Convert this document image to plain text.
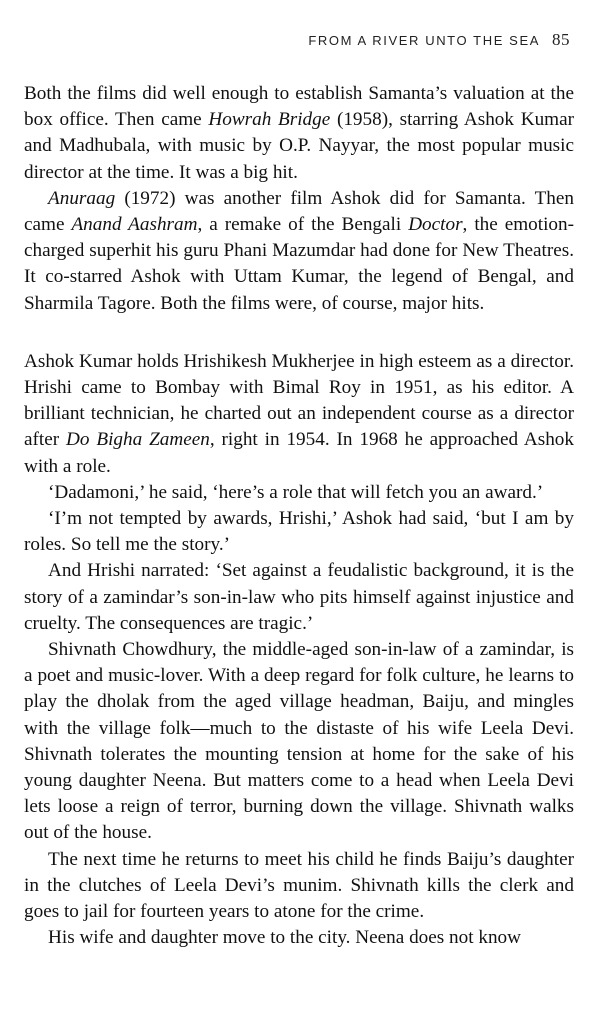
FROM A RIVER UNTO THE SEA 85

Both the films did well enough to establish Samanta’s valuation at the box office. Then came Howrah Bridge (1958), starring Ashok Kumar and Madhubala, with music by O.P. Nayyar, the most popular music director at the time. It was a big hit.

Anuraag (1972) was another film Ashok did for Samanta. Then came Anand Aashram, a remake of the Bengali Doctor, the emotion-charged superhit his guru Phani Mazumdar had done for New Theatres. It co-starred Ashok with Uttam Kumar, the legend of Bengal, and Sharmila Tagore. Both the films were, of course, major hits.

Ashok Kumar holds Hrishikesh Mukherjee in high esteem as a director. Hrishi came to Bombay with Bimal Roy in 1951, as his editor. A brilliant technician, he charted out an independent course as a director after Do Bigha Zameen, right in 1954. In 1968 he approached Ashok with a role.

‘Dadamoni,’ he said, ‘here’s a role that will fetch you an award.’

‘I’m not tempted by awards, Hrishi,’ Ashok had said, ‘but I am by roles. So tell me the story.’

And Hrishi narrated: ‘Set against a feudalistic background, it is the story of a zamindar’s son-in-law who pits himself against injustice and cruelty. The consequences are tragic.’

Shivnath Chowdhury, the middle-aged son-in-law of a zamindar, is a poet and music-lover. With a deep regard for folk culture, he learns to play the dholak from the aged village headman, Baiju, and mingles with the village folk—much to the distaste of his wife Leela Devi. Shivnath tolerates the mounting tension at home for the sake of his young daughter Neena. But matters come to a head when Leela Devi lets loose a reign of terror, burning down the village. Shivnath walks out of the house.

The next time he returns to meet his child he finds Baiju’s daughter in the clutches of Leela Devi’s munim. Shivnath kills the clerk and goes to jail for fourteen years to atone for the crime.

His wife and daughter move to the city. Neena does not know
